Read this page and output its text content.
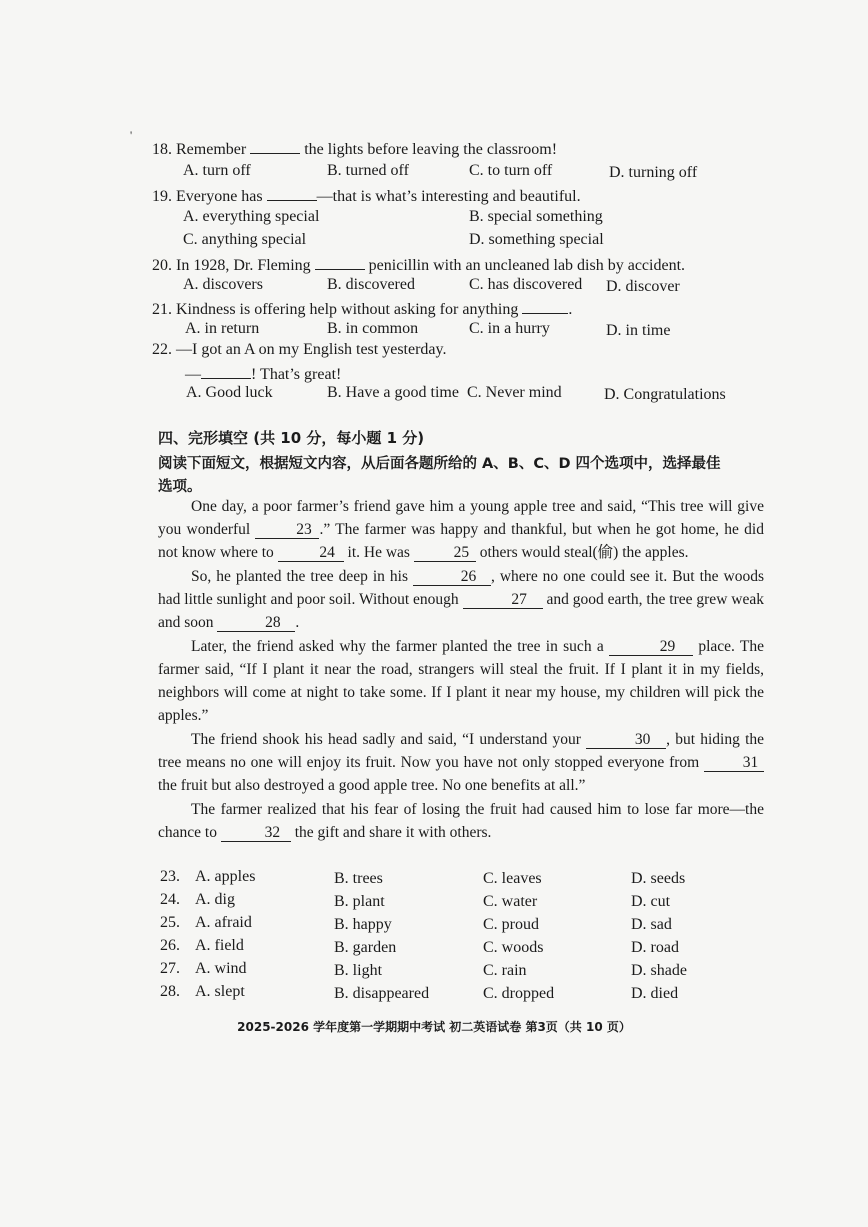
'
18. Remember	the lights before leaving the classroom!
A. turn off	B. turned off	C. to turn off	D. turning off
19. Everyone has	—that is what’s interesting and beautiful.
A. everything special	B. special something
C. anything special	D. something special
20. In 1928, Dr. Fleming	penicillin with an uncleaned lab dish by accident.
A. discovers	B. discovered	C. has discovered D. discover
21. Kindness is offering help without asking for anything	.
A. in return	B. in common	C. in a hurry	D. in time
22. —I got an A on my English test yesterday.
—	! That’s great!
A. Good luck	B. Have a good time C. Never mind	D. Congratulations
四、完形填空 (共 10 分，每小题 1 分)
阅读下面短文，根据短文内容，从后面各题所给的 A、B、C、D 四个选项中，选择最佳
选项。
One day, a poor farmer’s friend gave him a young apple tree and said, “This tree will give you wonderful	23 .” The farmer was happy and thankful, but when he got home, he did not know where to	24 it. He was	25 others would steal(偷) the apples.
So, he planted the tree deep in his	26 , where no one could see it. But the woods had little sunlight and poor soil. Without enough	27 and good earth, the tree grew weak and soon	28 .
Later, the friend asked why the farmer planted the tree in such a	29 place. The farmer said, “If I plant it near the road, strangers will steal the fruit. If I plant it in my fields, neighbors will come at night to take some. If I plant it near my house, my children will pick the apples.”
The friend shook his head sadly and said, “I understand your	30 , but hiding the tree means no one will enjoy its fruit. Now you have not only stopped everyone from	31 the fruit but also destroyed a good apple tree. No one benefits at all.”
The farmer realized that his fear of losing the fruit had caused him to lose far more—the chance to	32 the gift and share it with others.
23. A. apples	B. trees	C. leaves	D. seeds
24. A. dig	B. plant	C. water	D. cut
25. A. afraid	B. happy	C. proud	D. sad
26. A. field	B. garden	C. woods	D. road
27. A. wind	B. light	C. rain	D. shade
28. A. slept	B. disappeared	C. dropped	D. died
2025-2026 学年度第一学期期中考试 初二英语试卷 第3页（共 10 页）
